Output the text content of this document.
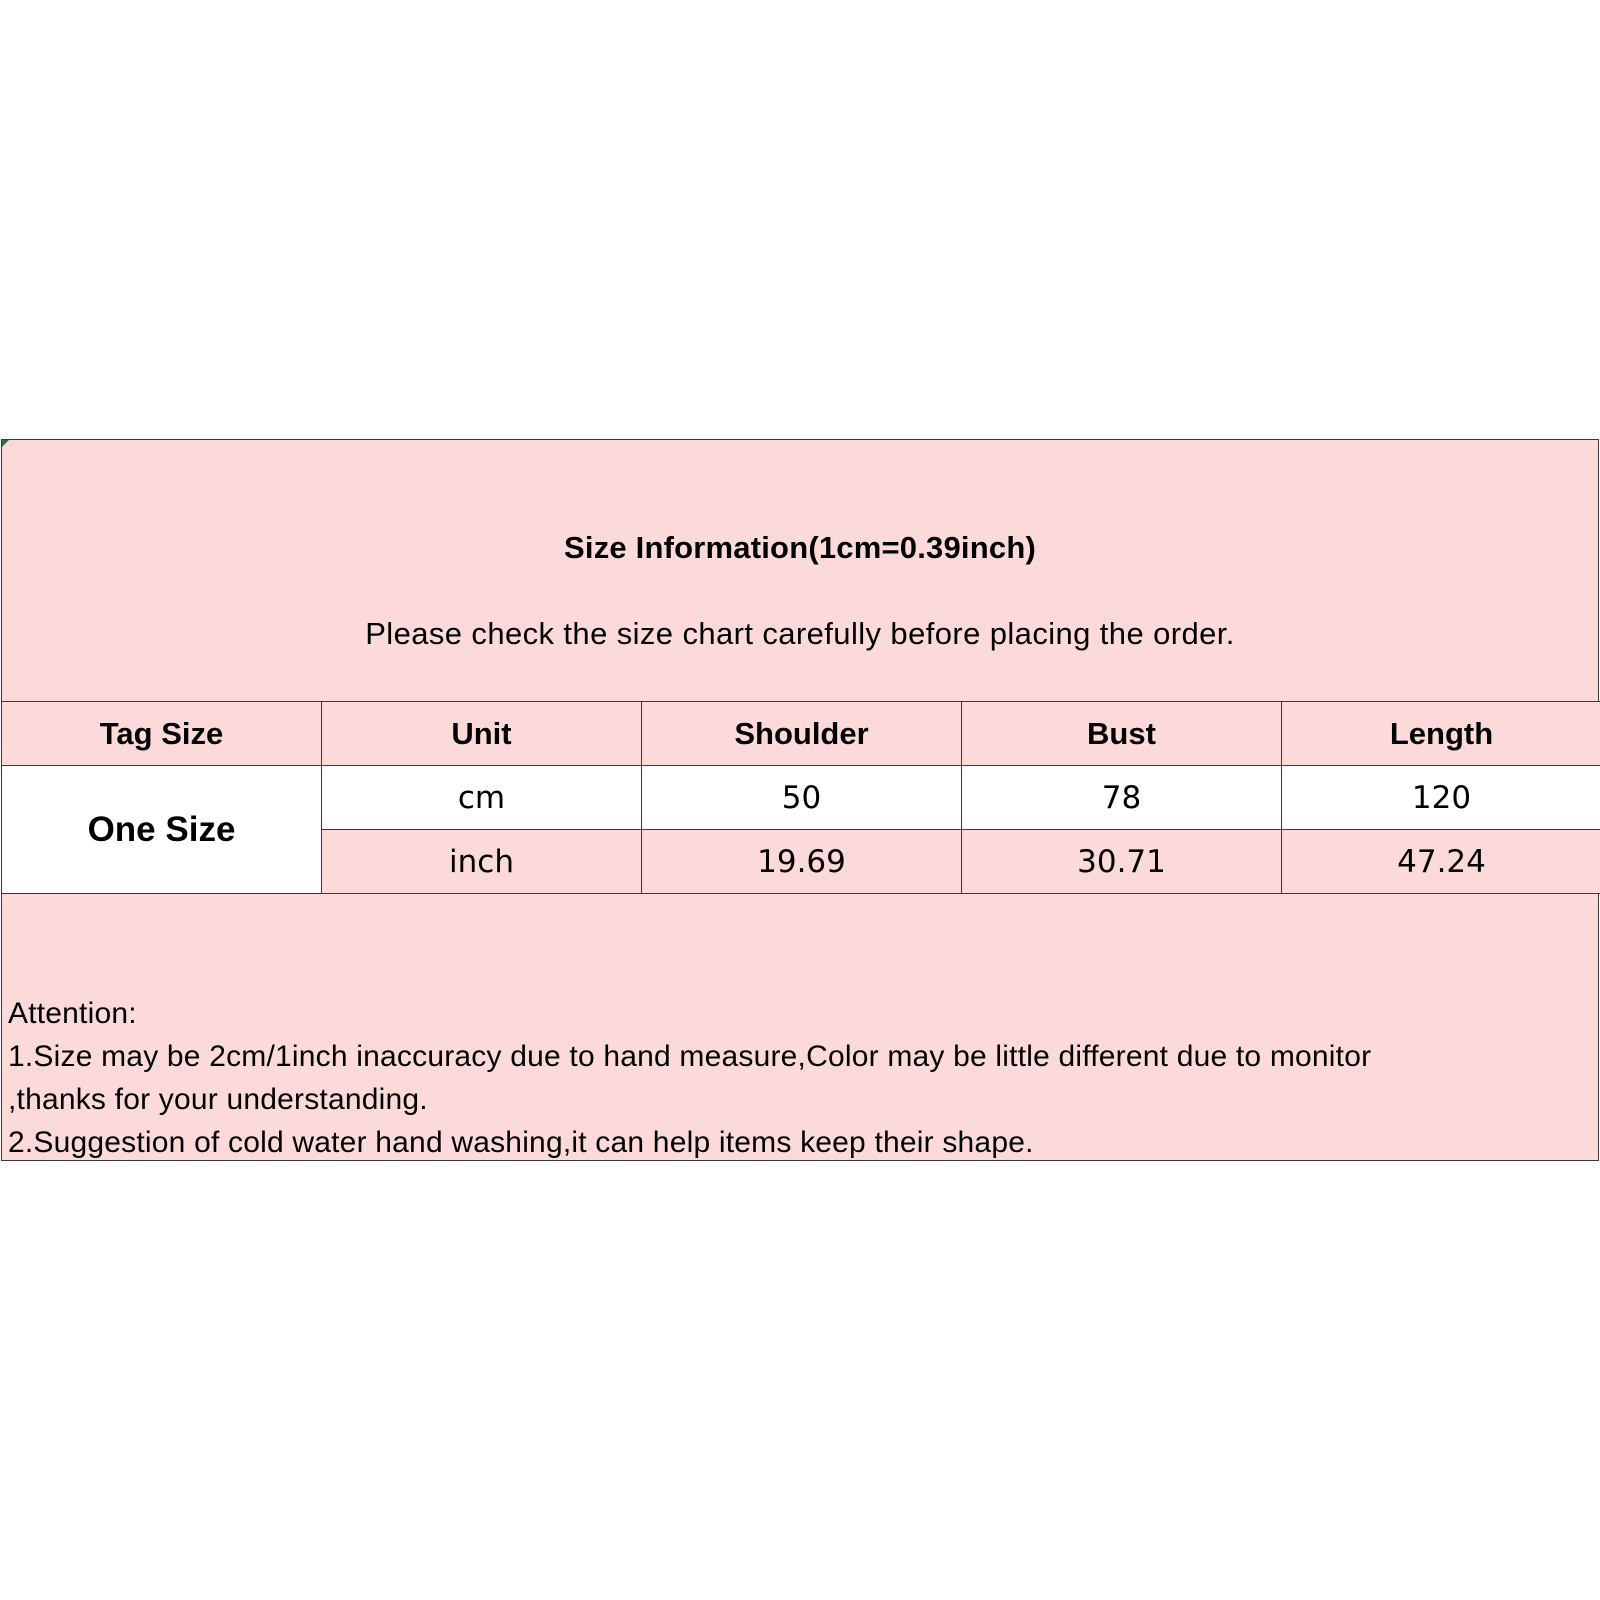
Size Information(1cm=0.39inch)
Please check the size chart carefully before placing the order.
Tag Size	Unit	Shoulder	Bust	Length
One Size	cm	50	78	120
	inch	19.69	30.71	47.24
Attention:
1.Size may be 2cm/1inch inaccuracy due to hand measure,Color may be little different due to monitor
,thanks for your understanding.
2.Suggestion of cold water hand washing,it can help items keep their shape.
